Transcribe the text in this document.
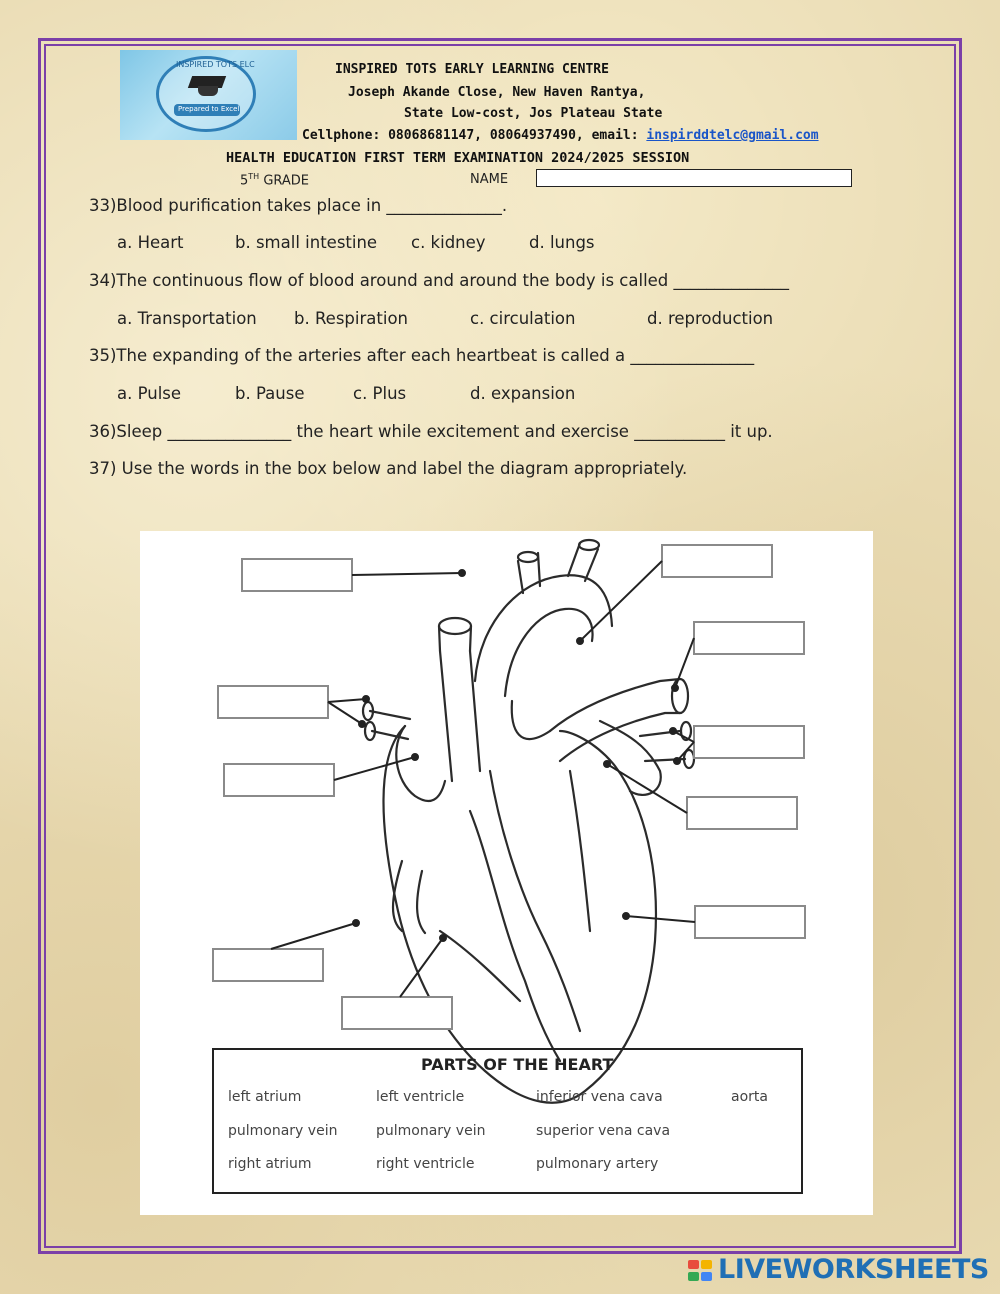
INSPIRED TOTS ELC
Prepared to Excel
INSPIRED TOTS EARLY LEARNING CENTRE
Joseph Akande Close, New Haven Rantya,
State Low-cost, Jos Plateau State
Cellphone: 08068681147, 08064937490, email: inspirddtelc@gmail.com
HEALTH EDUCATION FIRST TERM EXAMINATION 2024/2025 SESSION
5TH GRADE	NAME
33)Blood purification takes place in ______________.
a. Heart	b. small intestine c. kidney	d. lungs
34)The continuous flow of blood around and around the body is called ______________
a. Transportation b. Respiration	c. circulation	d. reproduction
35)The expanding of the arteries after each heartbeat is called a _______________
a. Pulse	b. Pause	c. Plus	d. expansion
36)Sleep _______________ the heart while excitement and exercise ___________ it up.
37) Use the words in the box below and label the diagram appropriately.
PARTS OF THE HEART
left atrium	left ventricle	inferior vena cava	aorta
pulmonary vein	pulmonary vein	superior vena cava
right atrium	right ventricle	pulmonary artery
LIVEWORKSHEETS
